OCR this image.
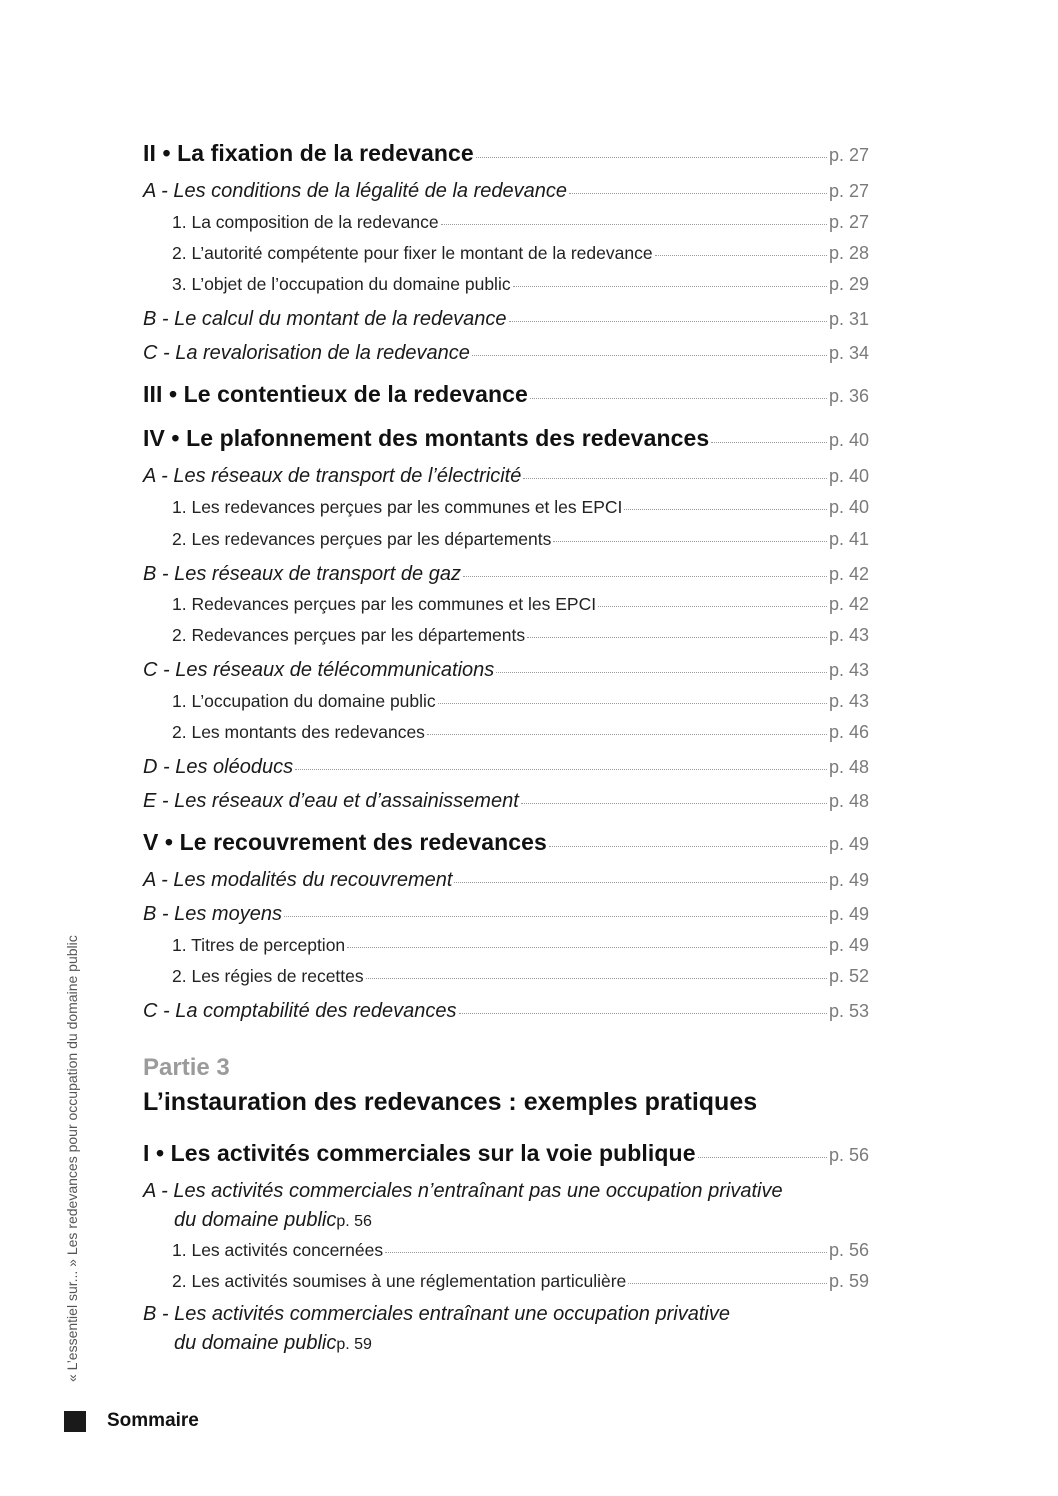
II • La fixation de la redevance	p. 27
A - Les conditions de la légalité de la redevance	p. 27
1. La composition de la redevance	p. 27
2. L’autorité compétente pour fixer le montant de la redevance	p. 28
3. L’objet de l’occupation du domaine public	p. 29
B - Le calcul du montant de la redevance	p. 31
C - La revalorisation de la redevance	p. 34
III • Le contentieux de la redevance	p. 36
IV • Le plafonnement des montants des redevances	p. 40
A - Les réseaux de transport de l’électricité	p. 40
1. Les redevances perçues par les communes et les EPCI	p. 40
2. Les redevances perçues par les départements	p. 41
B - Les réseaux de transport de gaz	p. 42
1. Redevances perçues par les communes et les EPCI	p. 42
2. Redevances perçues par les départements	p. 43
C - Les réseaux de télécommunications	p. 43
1. L’occupation du domaine public	p. 43
2. Les montants des redevances	p. 46
D - Les oléoducs	p. 48
E - Les réseaux d’eau et d’assainissement	p. 48
V • Le recouvrement des redevances	p. 49
A - Les modalités du recouvrement	p. 49
B - Les moyens	p. 49
1. Titres de perception	p. 49
2. Les régies de recettes	p. 52
C - La comptabilité des redevances	p. 53
Partie 3
L’instauration des redevances : exemples pratiques
I • Les activités commerciales sur la voie publique	p. 56
A - Les activités commerciales n’entraînant pas une occupation privative
du domaine public p. 56
1. Les activités concernées	p. 56
2. Les activités soumises à une réglementation particulière	p. 59
B - Les activités commerciales entraînant une occupation privative
du domaine public p. 59
« L’essentiel sur... » Les redevances pour occupation du domaine public
Sommaire
